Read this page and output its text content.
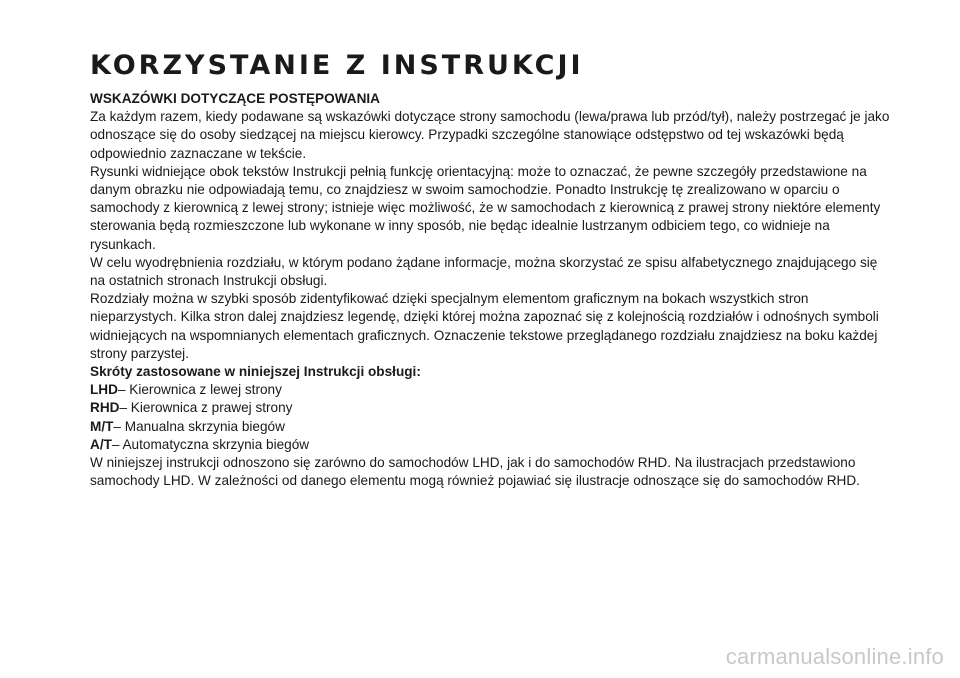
KORZYSTANIE Z INSTRUKCJI

WSKAZÓWKI DOTYCZĄCE POSTĘPOWANIA

Za każdym razem, kiedy podawane są wskazówki dotyczące strony samochodu (lewa/prawa lub przód/tył), należy postrzegać je jako odnoszące się do osoby siedzącej na miejscu kierowcy. Przypadki szczególne stanowiące odstępstwo od tej wskazówki będą odpowiednio zaznaczane w tekście.

Rysunki widniejące obok tekstów Instrukcji pełnią funkcję orientacyjną: może to oznaczać, że pewne szczegóły przedstawione na danym obrazku nie odpowiadają temu, co znajdziesz w swoim samochodzie. Ponadto Instrukcję tę zrealizowano w oparciu o samochody z kierownicą z lewej strony; istnieje więc możliwość, że w samochodach z kierownicą z prawej strony niektóre elementy sterowania będą rozmieszczone lub wykonane w inny sposób, nie będąc idealnie lustrzanym odbiciem tego, co widnieje na rysunkach.

W celu wyodrębnienia rozdziału, w którym podano żądane informacje, można skorzystać ze spisu alfabetycznego znajdującego się na ostatnich stronach Instrukcji obsługi.

Rozdziały można w szybki sposób zidentyfikować dzięki specjalnym elementom graficznym na bokach wszystkich stron nieparzystych. Kilka stron dalej znajdziesz legendę, dzięki której można zapoznać się z kolejnością rozdziałów i odnośnych symboli widniejących na wspomnianych elementach graficznych. Oznaczenie tekstowe przeglądanego rozdziału znajdziesz na boku każdej strony parzystej.

Skróty zastosowane w niniejszej Instrukcji obsługi:

LHD– Kierownica z lewej strony

RHD– Kierownica z prawej strony

M/T– Manualna skrzynia biegów

A/T– Automatyczna skrzynia biegów

W niniejszej instrukcji odnoszono się zarówno do samochodów LHD, jak i do samochodów RHD. Na ilustracjach przedstawiono samochody LHD. W zależności od danego elementu mogą również pojawiać się ilustracje odnoszące się do samochodów RHD.

carmanualsonline.info
